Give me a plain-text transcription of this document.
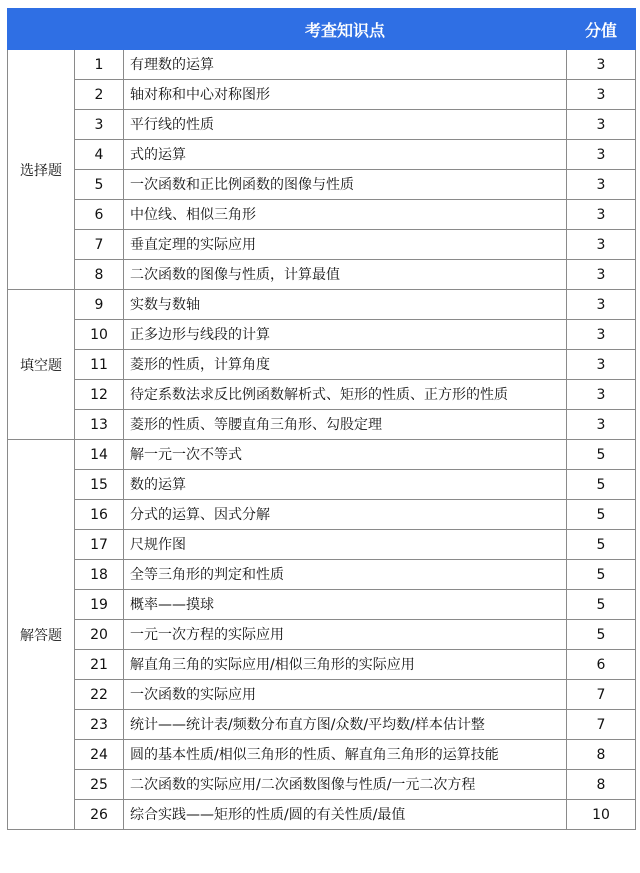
		考查知识点	分值
选择题	1	有理数的运算	3
	2	轴对称和中心对称图形	3
	3	平行线的性质	3
	4	式的运算	3
	5	一次函数和正比例函数的图像与性质	3
	6	中位线、相似三角形	3
	7	垂直定理的实际应用	3
	8	二次函数的图像与性质，计算最值	3
填空题	9	实数与数轴	3
	10	正多边形与线段的计算	3
	11	菱形的性质，计算角度	3
	12	待定系数法求反比例函数解析式、矩形的性质、正方形的性质	3
	13	菱形的性质、等腰直角三角形、勾股定理	3
解答题	14	解一元一次不等式	5
	15	数的运算	5
	16	分式的运算、因式分解	5
	17	尺规作图	5
	18	全等三角形的判定和性质	5
	19	概率——摸球	5
	20	一元一次方程的实际应用	5
	21	解直角三角的实际应用/相似三角形的实际应用	6
	22	一次函数的实际应用	7
	23	统计——统计表/频数分布直方图/众数/平均数/样本估计整	7
	24	圆的基本性质/相似三角形的性质、解直角三角形的运算技能	8
	25	二次函数的实际应用/二次函数图像与性质/一元二次方程	8
	26	综合实践——矩形的性质/圆的有关性质/最值	10
